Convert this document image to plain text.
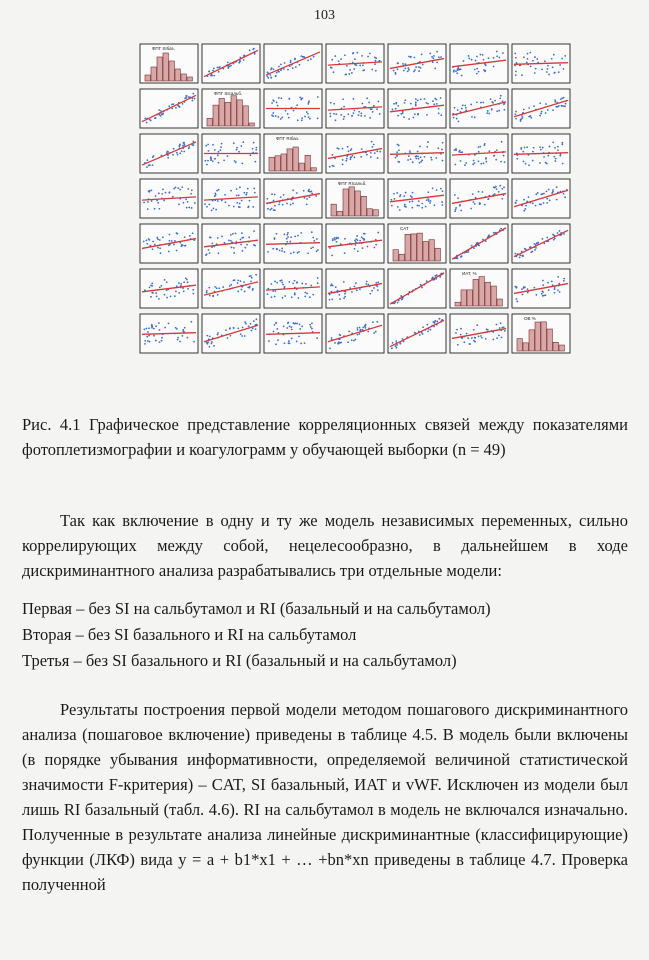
103
ФПГ SIсальб.
ФПГ RIбаз.
ФПГ RIсальб.
CAT
ИАТ, %
ОВ %
ФПГ SIбаз.
Рис. 4.1 Графическое представление корреляционных связей между показателями фотоплетизмографии и коагулограмм у обучающей выборки (n = 49)
Так как включение в одну и ту же модель независимых переменных, сильно коррелирующих между собой, нецелесообразно, в дальнейшем в ходе дискриминантного анализа разрабатывались три отдельные модели:
Первая – без SI на сальбутамол и RI (базальный и на сальбутамол)
Вторая – без SI базального и RI на сальбутамол
Третья – без SI базального и RI (базальный и на сальбутамол)
Результаты построения первой модели методом пошагового дискриминантного анализа (пошаговое включение) приведены в таблице 4.5. В модель были включены (в порядке убывания информативности, определяемой величиной статистической значимости F-критерия) – CAT, SI базальный, ИАТ и vWF. Исключен из модели был лишь RI базальный (табл. 4.6). RI на сальбутамол в модель не включался изначально. Полученные в результате анализа линейные дискриминантные (классифицирующие) функции (ЛКФ) вида y = a + b1*x1 + … +bn*xn приведены в таблице 4.7. Проверка полученной
